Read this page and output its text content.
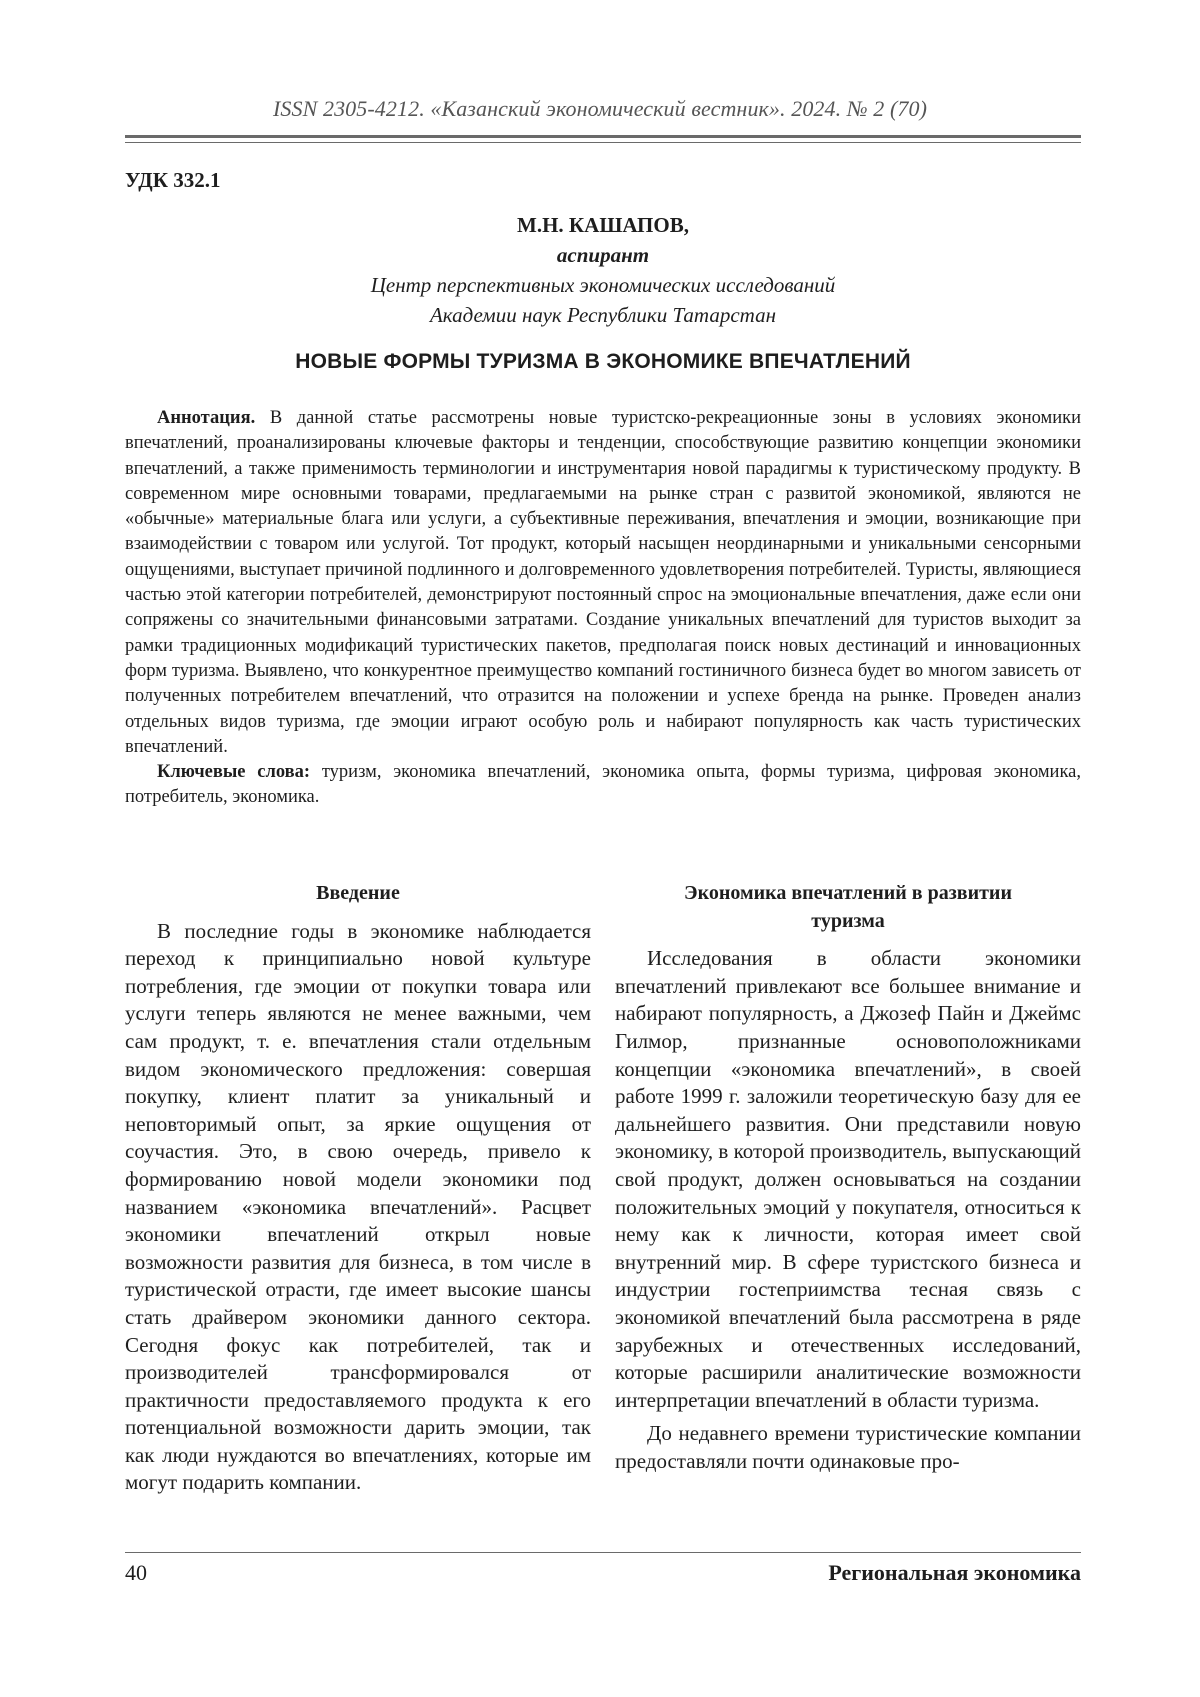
ISSN 2305-4212. «Казанский экономический вестник». 2024. № 2 (70)
УДК 332.1
М.Н. КАШАПОВ,
аспирант
Центр перспективных экономических исследований
Академии наук Республики Татарстан
НОВЫЕ ФОРМЫ ТУРИЗМА В ЭКОНОМИКЕ ВПЕЧАТЛЕНИЙ

Аннотация. В данной статье рассмотрены новые туристско-рекреационные зоны в условиях экономики впечатлений, проанализированы ключевые факторы и тенденции, способствующие развитию концепции экономики впечатлений, а также применимость терминологии и инструментария новой парадигмы к туристическому продукту. В современном мире основными товарами, предлагаемыми на рынке стран с развитой экономикой, являются не «обычные» материальные блага или услуги, а субъективные переживания, впечатления и эмоции, возникающие при взаимодействии с товаром или услугой. Тот продукт, который насыщен неординарными и уникальными сенсорными ощущениями, выступает причиной подлинного и долговременного удовлетворения потребителей. Туристы, являющиеся частью этой категории потребителей, демонстрируют постоянный спрос на эмоциональные впечатления, даже если они сопряжены со значительными финансовыми затратами. Создание уникальных впечатлений для туристов выходит за рамки традиционных модификаций туристических пакетов, предполагая поиск новых дестинаций и инновационных форм туризма. Выявлено, что конкурентное преимущество компаний гостиничного бизнеса будет во многом зависеть от полученных потребителем впечатлений, что отразится на положении и успехе бренда на рынке. Проведен анализ отдельных видов туризма, где эмоции играют особую роль и набирают популярность как часть туристических впечатлений.

Ключевые слова: туризм, экономика впечатлений, экономика опыта, формы туризма, цифровая экономика, потребитель, экономика.

Введение

В последние годы в экономике наблюдается переход к принципиально новой культуре потребления, где эмоции от покупки товара или услуги теперь являются не менее важными, чем сам продукт, т. е. впечатления стали отдельным видом экономического предложения: совершая покупку, клиент платит за уникальный и неповторимый опыт, за яркие ощущения от соучастия. Это, в свою очередь, привело к формированию новой модели экономики под названием «экономика впечатлений». Расцвет экономики впечатлений открыл новые возможности развития для бизнеса, в том числе в туристической отрасти, где имеет высокие шансы стать драйвером экономики данного сектора. Сегодня фокус как потребителей, так и производителей трансформировался от практичности предоставляемого продукта к его потенциальной возможности дарить эмоции, так как люди нуждаются во впечатлениях, которые им могут подарить компании.

Экономика впечатлений в развитии
туризма

Исследования в области экономики впечатлений привлекают все большее внимание и набирают популярность, а Джозеф Пайн и Джеймс Гилмор, признанные основоположниками концепции «экономика впечатлений», в своей работе 1999 г. заложили теоретическую базу для ее дальнейшего развития. Они представили новую экономику, в которой производитель, выпускающий свой продукт, должен основываться на создании положительных эмоций у покупателя, относиться к нему как к личности, которая имеет свой внутренний мир. В сфере туристского бизнеса и индустрии гостеприимства тесная связь с экономикой впечатлений была рассмотрена в ряде зарубежных и отечественных исследований, которые расширили аналитические возможности интерпретации впечатлений в области туризма.

До недавнего времени туристические компании предоставляли почти одинаковые про-

40	Региональная экономика
